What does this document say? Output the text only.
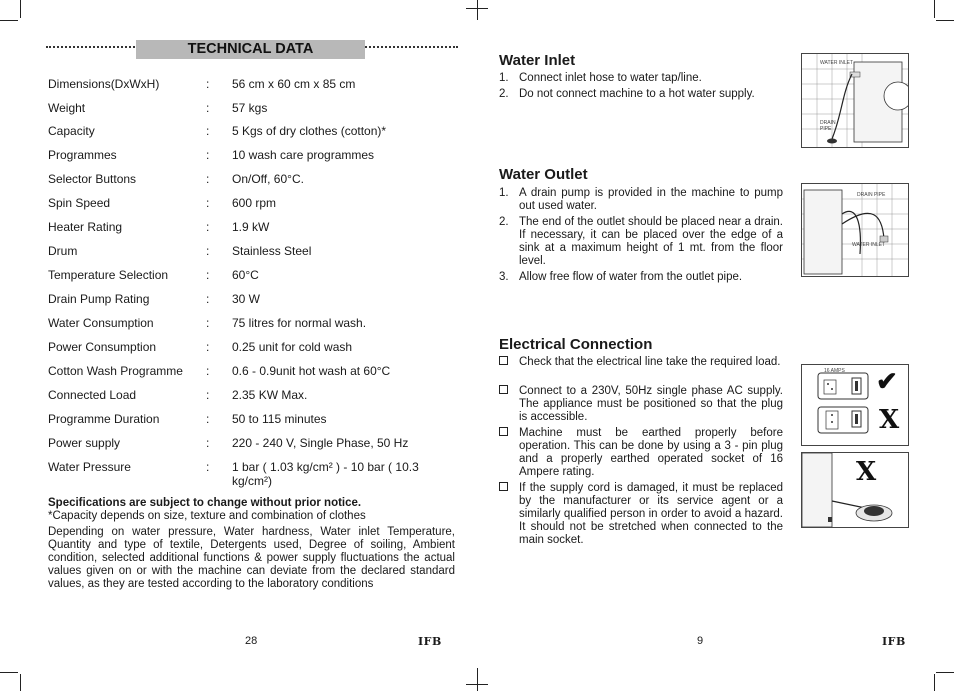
TECHNICAL DATA
Dimensions(DxWxH)	: 56 cm x 60 cm x 85 cm
Weight	: 57 kgs
Capacity	: 5 Kgs of dry clothes (cotton)*
Programmes	: 10 wash care programmes
Selector Buttons	: On/Off, 60°C.
Spin Speed	: 600 rpm
Heater Rating	: 1.9 kW
Drum	: Stainless Steel
Temperature Selection	: 60°C
Drain Pump Rating	: 30 W
Water Consumption	: 75 litres for normal wash.
Power Consumption	: 0.25 unit for cold wash
Cotton Wash Programme : 0.6 - 0.9unit hot wash at 60°C
Connected Load	: 2.35 KW Max.
Programme Duration	: 50 to 115 minutes
Power supply	: 220 - 240 V, Single Phase, 50 Hz
Water Pressure	: 1 bar ( 1.03 kg/cm² ) - 10 bar ( 10.3 kg/cm²)
Specifications are subject to change without prior notice.
*Capacity depends on size, texture and combination of clothes
Depending on water pressure, Water hardness, Water inlet Temperature, Quantity and type of textile, Detergents used, Degree of soiling, Ambient condition, selected additional functions & power supply fluctuations the actual values given on or with the machine can deviate from the declared standard values, as they are tested according to the laboratory conditions
28	IFB
Water Inlet
1. Connect inlet hose to water tap/line.
2. Do not connect machine to a hot water supply.
WATER INLET
DRAIN PIPE
Water Outlet
1. A drain pump is provided in the machine to pump out used water.
2. The end of the outlet should be placed near a drain. If necessary, it can be placed over the edge of a sink at a maximum height of 1 mt. from the floor level.
3. Allow free flow of water from the outlet pipe.
DRAIN PIPE
WATER INLET
Electrical Connection
Check that the electrical line take the required load.
Connect to a 230V, 50Hz single phase AC supply. The appliance must be positioned so that the plug is accessible.
Machine must be earthed properly before operation. This can be done by using a 3 - pin plug and a properly earthed operated socket of 16 Ampere rating.
If the supply cord is damaged, it must be replaced by the manufacturer or its service agent or a similarly qualified person in order to avoid a hazard. It should not be stretched when connected to the main socket.
16 AMPS ✔
X
X
9	IFB
